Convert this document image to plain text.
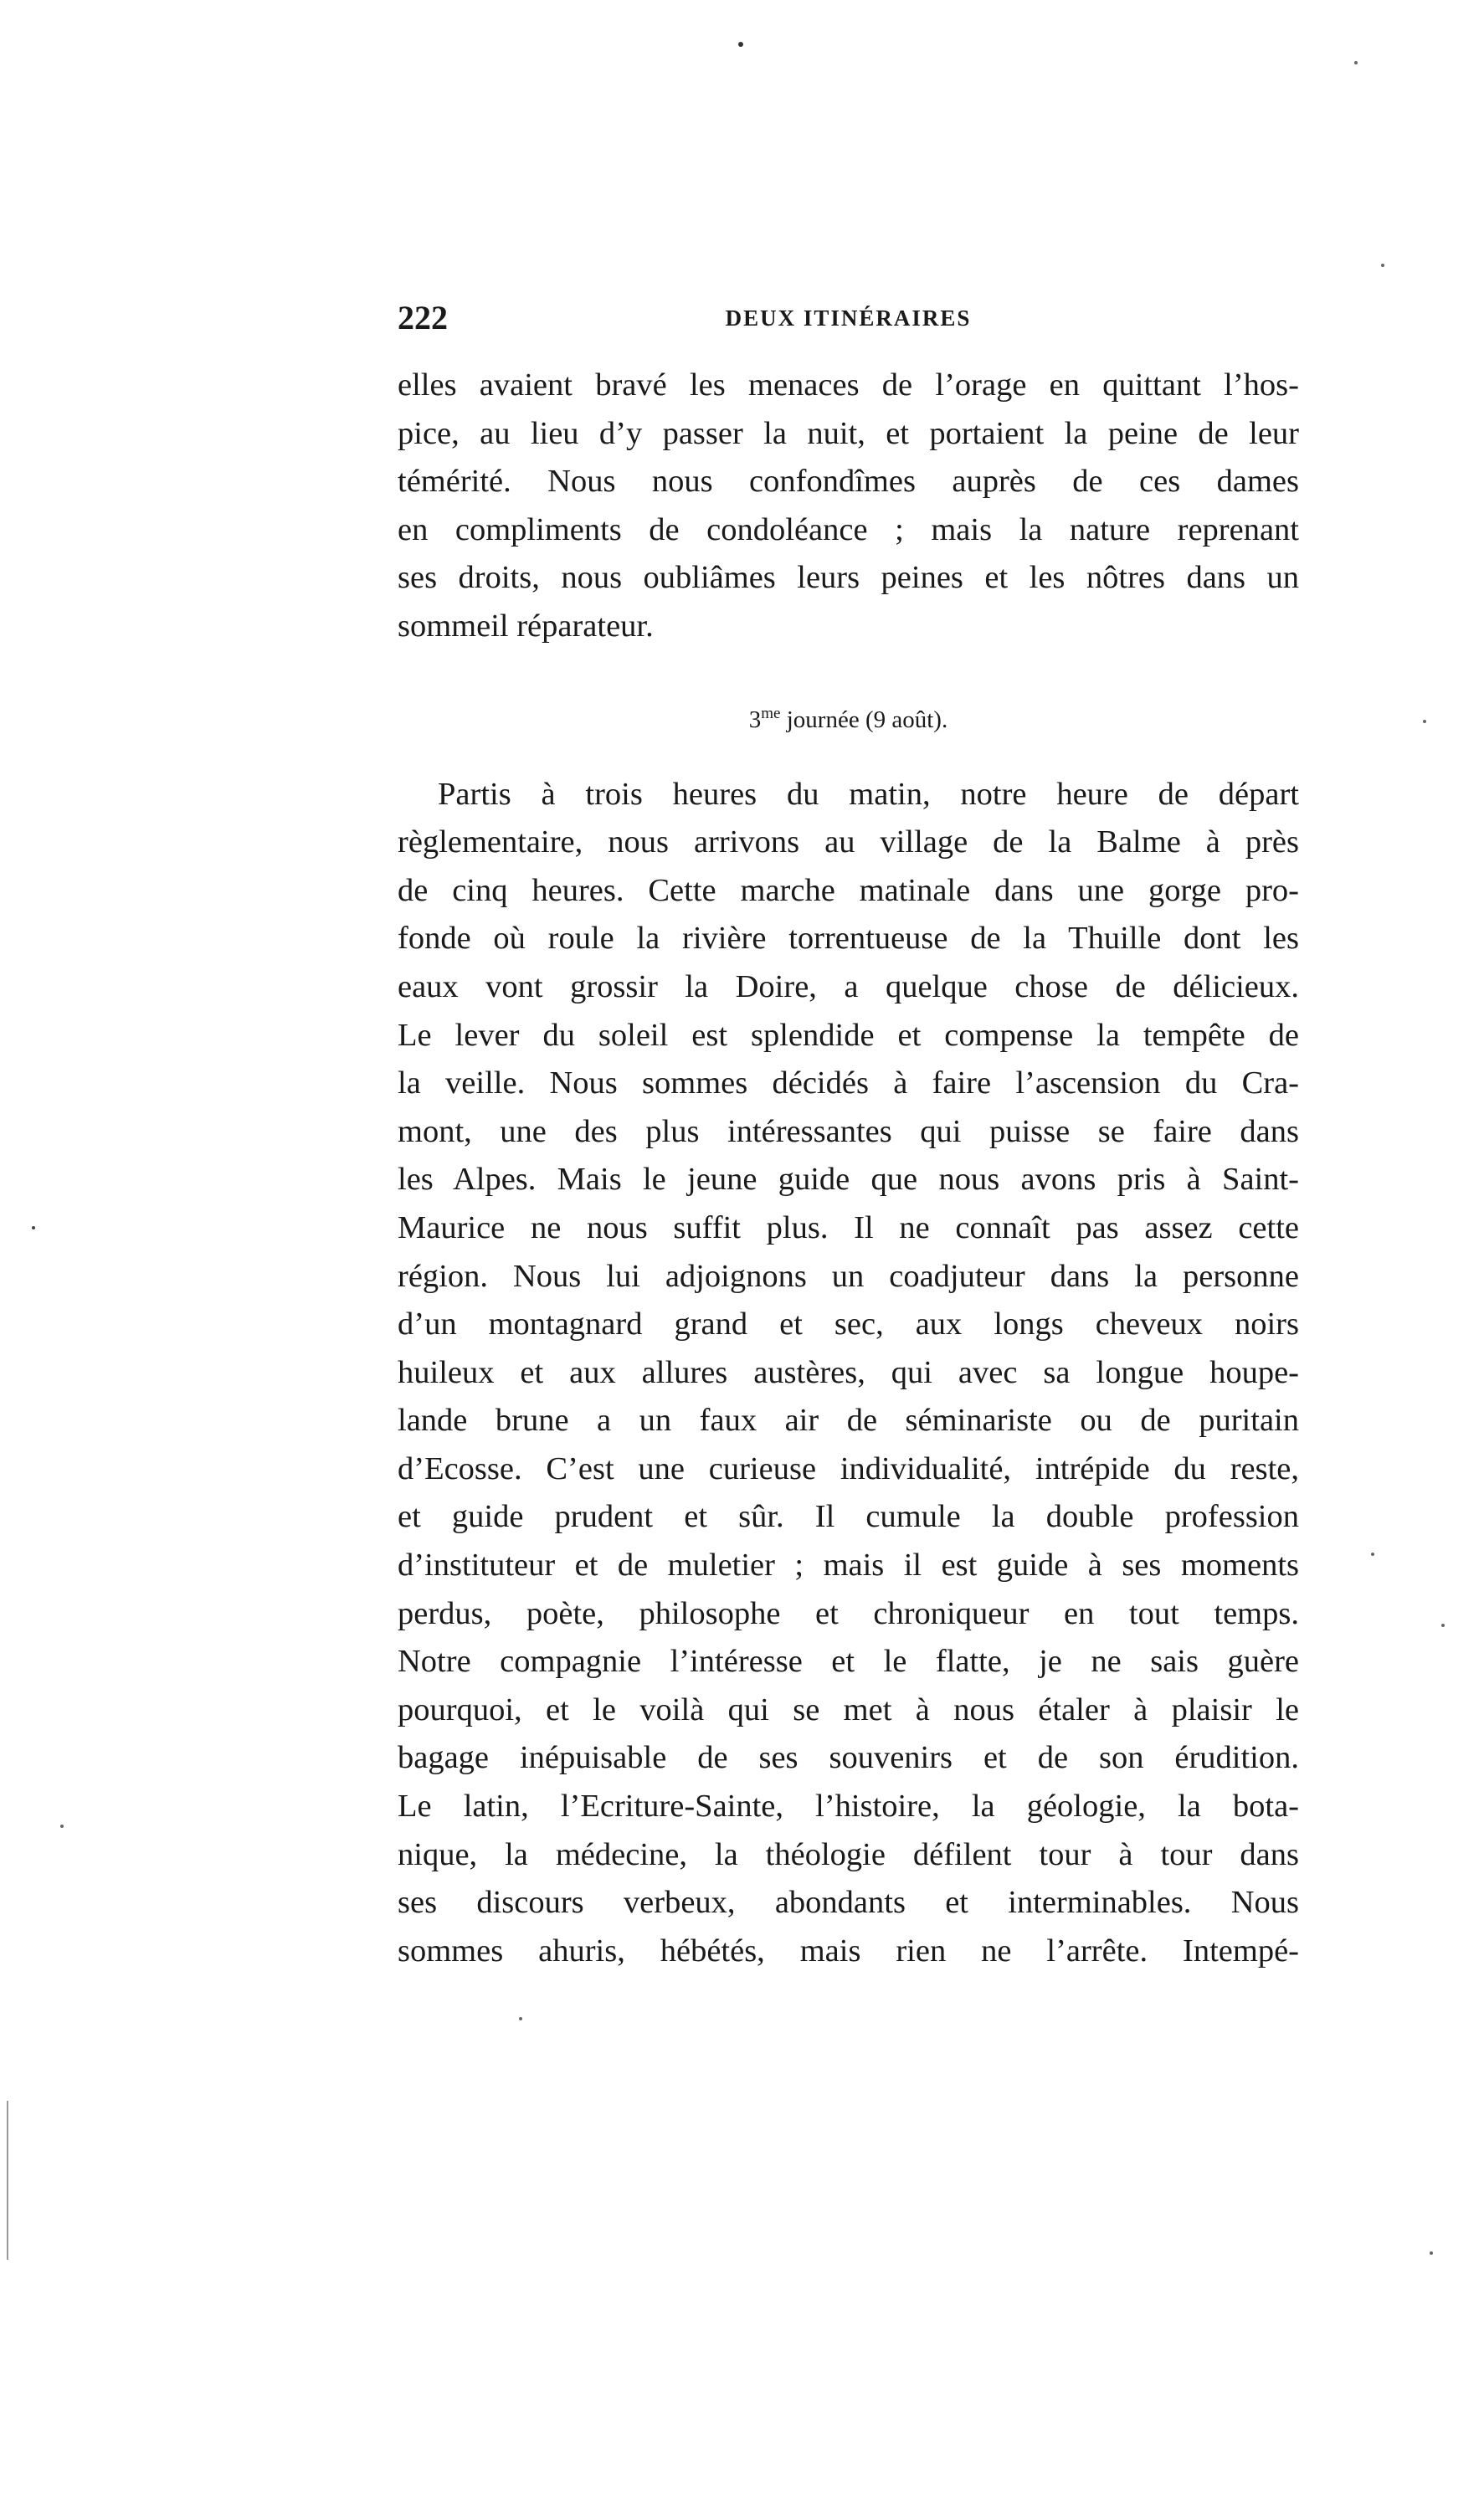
222	DEUX ITINÉRAIRES

elles avaient bravé les menaces de l’orage en quittant l’hos-

pice, au lieu d’y passer la nuit, et portaient la peine de leur

témérité. Nous nous confondîmes auprès de ces dames

en compliments de condoléance ; mais la nature reprenant

ses droits, nous oubliâmes leurs peines et les nôtres dans un

sommeil réparateur.

$3^{me}$ journée (9 août).

Partis à trois heures du matin, notre heure de départ

règlementaire, nous arrivons au village de la Balme à près

de cinq heures. Cette marche matinale dans une gorge pro-

fonde où roule la rivière torrentueuse de la Thuille dont les

eaux vont grossir la Doire, a quelque chose de délicieux.

Le lever du soleil est splendide et compense la tempête de

la veille. Nous sommes décidés à faire l’ascension du Cra-

mont, une des plus intéressantes qui puisse se faire dans

les Alpes. Mais le jeune guide que nous avons pris à Saint-

Maurice ne nous suffit plus. Il ne connaît pas assez cette

région. Nous lui adjoignons un coadjuteur dans la personne

d’un montagnard grand et sec, aux longs cheveux noirs

huileux et aux allures austères, qui avec sa longue houpe-

lande brune a un faux air de séminariste ou de puritain

d’Ecosse. C’est une curieuse individualité, intrépide du reste,

et guide prudent et sûr. Il cumule la double profession

d’instituteur et de muletier ; mais il est guide à ses moments

perdus, poète, philosophe et chroniqueur en tout temps.

Notre compagnie l’intéresse et le flatte, je ne sais guère

pourquoi, et le voilà qui se met à nous étaler à plaisir le

bagage inépuisable de ses souvenirs et de son érudition.

Le latin, l’Ecriture-Sainte, l’histoire, la géologie, la bota-

nique, la médecine, la théologie défilent tour à tour dans

ses discours verbeux, abondants et interminables. Nous

sommes ahuris, hébétés, mais rien ne l’arrête. Intempé-
